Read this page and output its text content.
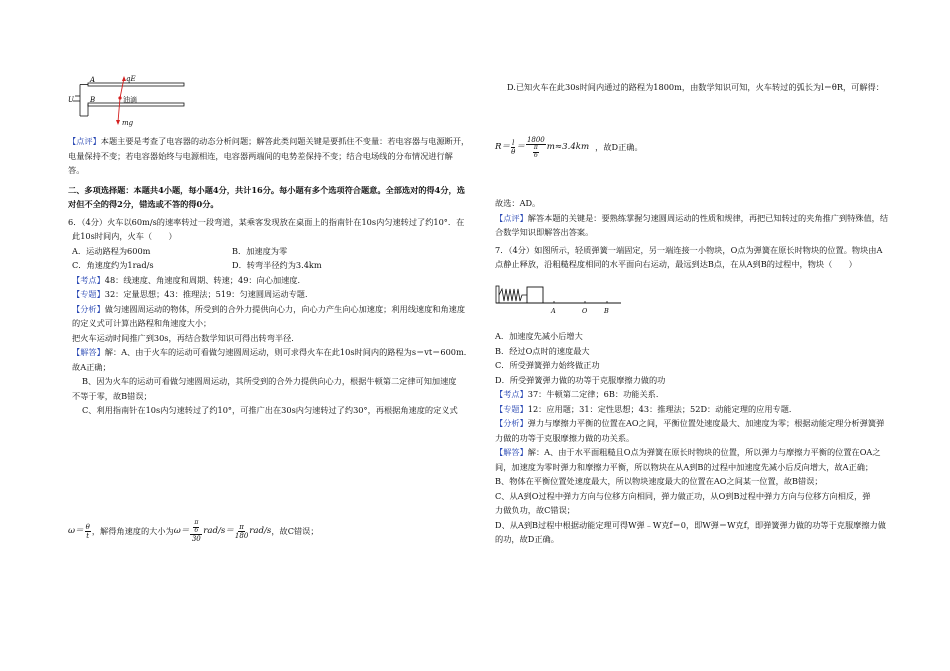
A
U B
qE
油滴
mg

【点评】本题主要是考查了电容器的动态分析问题；解答此类问题关键是要抓住不变量：若电容器与电源断开，

电量保持不变；若电容器始终与电源相连，电容器两端间的电势差保持不变；结合电场线的分布情况进行解

答。

二、多项选择题：本题共4小题，每小题4分，共计16分。每小题有多个选项符合题意。全部选对的得4分，选

对但不全的得2分，错选或不答的得0分。

6．（4分）火车以60m/s的速率转过一段弯道，某乘客发现放在桌面上的指南针在10s内匀速转过了约10°．在

此10s时间内，火车（　　）

A．运动路程为600m	B．加速度为零

C．角速度约为1rad/s	D．转弯半径约为3.4km

【考点】48：线速度、角速度和周期、转速；49：向心加速度．

【专题】32：定量思想；43：推理法；519：匀速圆周运动专题．

【分析】做匀速圆周运动的物体，所受到的合外力提供向心力，向心力产生向心加速度；利用线速度和角速度

的定义式可计算出路程和角速度大小；

把火车运动时间推广到30s，再结合数学知识可得出转弯半径．

【解答】解：A、由于火车的运动可看做匀速圆周运动，则可求得火车在此10s时间内的路程为s＝vt＝600m．

故A正确；

B、因为火车的运动可看做匀速圆周运动，其所受到的合外力提供向心力，根据牛顿第二定律可知加速度

不等于零，故B错误；

C、利用指南针在10s内匀速转过了约10°，可推广出在30s内匀速转过了约30°，再根据角速度的定义式

$\omega= \frac{\theta}{t}$ ，解得角速度的大小为 $\omega= \frac{\frac{\pi}{6}}{30} rad/s= \frac{\pi}{180} rad/s$ ，故C错误；

D.已知火车在此30s时间内通过的路程为1800m，由数学知识可知，火车转过的弧长为l＝θR，可解得：

$R= \frac{l}{\theta} = \frac{1800}{\frac{\pi}{6}} m\approx 3.4km$ ，故D正确。

故选：AD。

【点评】解答本题的关键是：要熟练掌握匀速圆周运动的性质和规律，再把已知转过的夹角推广到特殊值，结

合数学知识即解答出答案。

7．（4分）如图所示，轻质弹簧一端固定，另一端连接一小物块，O点为弹簧在原长时物块的位置。物块由A

点静止释放，沿粗糙程度相同的水平面向右运动，最远到达B点，在从A到B的过程中，物块（　　）

A	O	B

A．加速度先减小后增大

B．经过O点时的速度最大

C．所受弹簧弹力始终做正功

D．所受弹簧弹力做的功等于克服摩擦力做的功

【考点】37：牛顿第二定律；6B：功能关系．

【专题】12：应用题；31：定性思想；43：推理法；52D：动能定理的应用专题．

【分析】弹力与摩擦力平衡的位置在AO之间，平衡位置处速度最大、加速度为零；根据动能定理分析弹簧弹

力做的功等于克服摩擦力做的功关系。

【解答】解：A、由于水平面粗糙且O点为弹簧在原长时物块的位置，所以弹力与摩擦力平衡的位置在OA之

间，加速度为零时弹力和摩擦力平衡，所以物块在从A到B的过程中加速度先减小后反向增大，故A正确；

B、物体在平衡位置处速度最大，所以物块速度最大的位置在AO之间某一位置，故B错误；

C、从A到O过程中弹力方向与位移方向相同，弹力做正功，从O到B过程中弹力方向与位移方向相反，弹

力做负功，故C错误；

D、从A到B过程中根据动能定理可得W弹﹣W克f＝0，即W弹＝W克f，即弹簧弹力做的功等于克服摩擦力做

的功，故D正确。
